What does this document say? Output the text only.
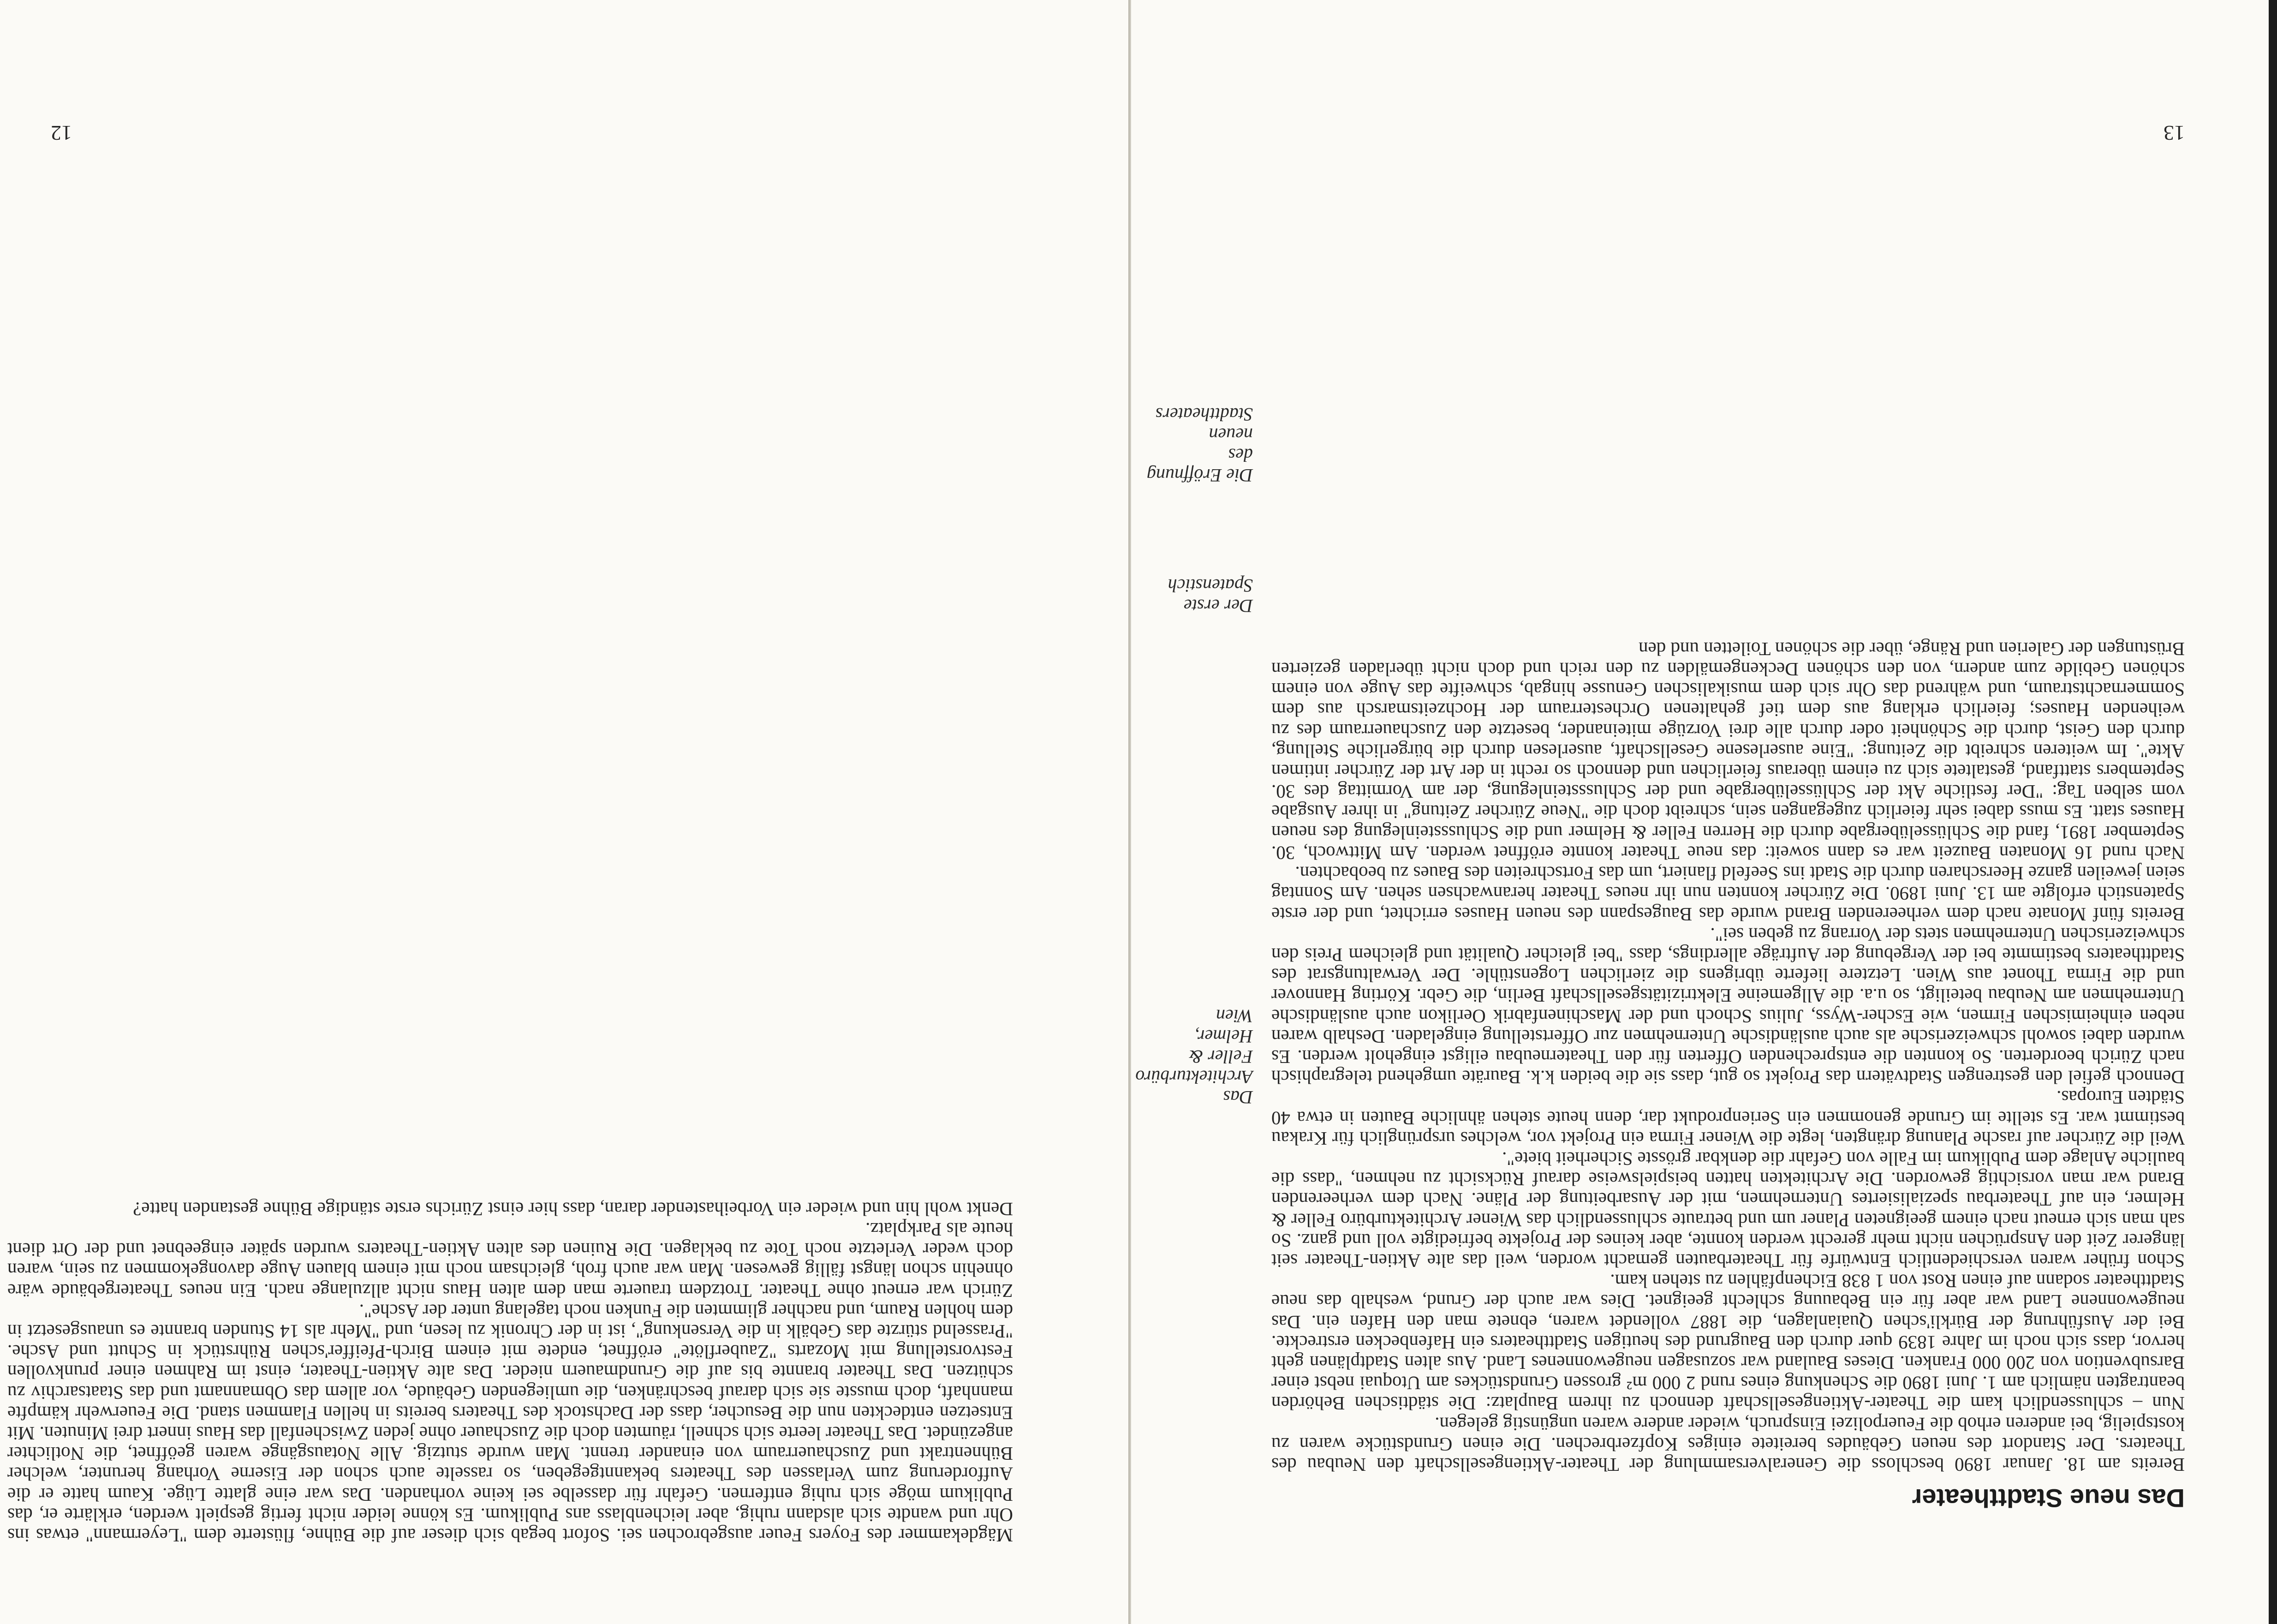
Das neue Stadttheater

Bereits am 18. Januar 1890 beschloss die Generalversammlung der Theater-Aktiengesellschaft den Neubau des Theaters. Der Standort des neuen Gebäudes bereitete einiges Kopfzerbrechen. Die einen Grundstücke waren zu kostspielig, bei anderen erhob die Feuerpolizei Einspruch, wieder andere waren ungünstig gelegen.

Nun – schlussendlich kam die Theater-Aktiengesellschaft dennoch zu ihrem Bauplatz: Die städtischen Behörden beantragten nämlich am 1. Juni 1890 die Schenkung eines rund 2 000 m² grossen Grundstückes am Utoquai nebst einer Barsubvention von 200 000 Franken. Dieses Bauland war sozusagen neugewonnenes Land. Aus alten Stadtplänen geht hervor, dass sich noch im Jahre 1839 quer durch den Baugrund des heutigen Stadttheaters ein Hafenbecken erstreckte. Bei der Ausführung der Bürkli'schen Quaianlagen, die 1887 vollendet waren, ebnete man den Hafen ein. Das neugewonnene Land war aber für ein Bebauung schlecht geeignet. Dies war auch der Grund, weshalb das neue Stadttheater sodann auf einen Rost von 1 838 Eichenpfählen zu stehen kam.

Schon früher waren verschiedentlich Entwürfe für Theaterbauten gemacht worden, weil das alte Aktien-Theater seit längerer Zeit den Ansprüchen nicht mehr gerecht werden konnte, aber keines der Projekte befriedigte voll und ganz. So sah man sich erneut nach einem geeigneten Planer um und betraute schlussendlich das Wiener Architekturbüro Feller & Helmer, ein auf Theaterbau spezialisiertes Unternehmen, mit der Ausarbeitung der Pläne. Nach dem verheerenden Brand war man vorsichtig geworden. Die Architekten hatten beispielsweise darauf Rücksicht zu nehmen, "dass die bauliche Anlage dem Publikum im Falle von Gefahr die denkbar grösste Sicherheit biete".

Weil die Zürcher auf rasche Planung drängten, legte die Wiener Firma ein Projekt vor, welches ursprünglich für Krakau bestimmt war. Es stellte im Grunde genommen ein Serienprodukt dar, denn heute stehen ähnliche Bauten in etwa 40 Städten Europas.

Dennoch gefiel den gestrengen Stadtvätern das Projekt so gut, dass sie die beiden k.k. Bauräte umgehend telegraphisch nach Zürich beorderten. So konnten die entsprechenden Offerten für den Theaterneubau eiligst eingeholt werden. Es wurden dabei sowohl schweizerische als auch ausländische Unternehmen zur Offertstellung eingeladen. Deshalb waren neben einheimischen Firmen, wie Escher-Wyss, Julius Schoch und der Maschinenfabrik Oerlikon auch ausländische Unternehmen am Neubau beteiligt, so u.a. die Allgemeine Elektrizitätsgesellschaft Berlin, die Gebr. Körting Hannover und die Firma Thonet aus Wien. Letztere lieferte übrigens die zierlichen Logenstühle. Der Verwaltungsrat des Stadttheaters bestimmte bei der Vergebung der Aufträge allerdings, dass "bei gleicher Qualität und gleichem Preis den schweizerischen Unternehmen stets der Vorrang zu geben sei".

Bereits fünf Monate nach dem verheerenden Brand wurde das Baugespann des neuen Hauses errichtet, und der erste Spatenstich erfolgte am 13. Juni 1890. Die Zürcher konnten nun ihr neues Theater heranwachsen sehen. Am Sonntag seien jeweilen ganze Heerscharen durch die Stadt ins Seefeld flaniert, um das Fortschreiten des Baues zu beobachten.

Nach rund 16 Monaten Bauzeit war es dann soweit: das neue Theater konnte eröffnet werden. Am Mittwoch, 30. September 1891, fand die Schlüsselübergabe durch die Herren Feller & Helmer und die Schlusssteinlegung des neuen Hauses statt. Es muss dabei sehr feierlich zugegangen sein, schreibt doch die "Neue Zürcher Zeitung" in ihrer Ausgabe vom selben Tag: "Der festliche Akt der Schlüsselübergabe und der Schlusssteinlegung, der am Vormittag des 30. Septembers stattfand, gestaltete sich zu einem überaus feierlichen und dennoch so recht in der Art der Zürcher intimen Akte". Im weiteren schreibt die Zeitung: "Eine auserlesene Gesellschaft, auserlesen durch die bürgerliche Stellung, durch den Geist, durch die Schönheit oder durch alle drei Vorzüge miteinander, besetzte den Zuschauerraum des zu weihenden Hauses; feierlich erklang aus dem tief gehaltenen Orchesterraum der Hochzeitsmarsch aus dem Sommernachtstraum, und während das Ohr sich dem musikalischen Genusse hingab, schweifte das Auge von einem schönen Gebilde zum andern, von den schönen Deckengemälden zu den reich und doch nicht überladen gezierten Brüstungen der Galerien und Ränge, über die schönen Toiletten und den

Das Architekturbüro
Feller & Helmer,
Wien
Der erste Spatenstich
Die Eröffnung des
neuen Stadttheaters
13

Mägdekammer des Foyers Feuer ausgebrochen sei. Sofort begab sich dieser auf die Bühne, flüsterte dem "Leyermann" etwas ins Ohr und wandte sich alsdann ruhig, aber leichenblass ans Publikum. Es könne leider nicht fertig gespielt werden, erklärte er, das Publikum möge sich ruhig entfernen. Gefahr für dasselbe sei keine vorhanden. Das war eine glatte Lüge. Kaum hatte er die Aufforderung zum Verlassen des Theaters bekanntgegeben, so rasselte auch schon der Eiserne Vorhang herunter, welcher Bühnentrakt und Zuschauerraum von einander trennt. Man wurde stutzig. Alle Notausgänge waren geöffnet, die Notlichter angezündet. Das Theater leerte sich schnell, räumten doch die Zuschauer ohne jeden Zwischenfall das Haus innert drei Minuten. Mit Entsetzen entdeckten nun die Besucher, dass der Dachstock des Theaters bereits in hellen Flammen stand. Die Feuerwehr kämpfte mannhaft, doch musste sie sich darauf beschränken, die umliegenden Gebäude, vor allem das Obmannamt und das Staatsarchiv zu schützen. Das Theater brannte bis auf die Grundmauern nieder. Das alte Aktien-Theater, einst im Rahmen einer prunkvollen Festvorstellung mit Mozarts "Zauberflöte" eröffnet, endete mit einem Birch-Pfeiffer'schen Rührstück in Schutt und Asche. "Prasselnd stürzte das Gebälk in die Versenkung", ist in der Chronik zu lesen, und "Mehr als 14 Stunden brannte es unausgesetzt in dem hohlen Raum, und nachher glimmten die Funken noch tagelang unter der Asche".

Zürich war erneut ohne Theater. Trotzdem trauerte man dem alten Haus nicht allzulange nach. Ein neues Theatergebäude wäre ohnehin schon längst fällig gewesen. Man war auch froh, gleichsam noch mit einem blauen Auge davongekommen zu sein, waren doch weder Verletzte noch Tote zu beklagen. Die Ruinen des alten Aktien-Theaters wurden später eingeebnet und der Ort dient heute als Parkplatz.

Denkt wohl hin und wieder ein Vorbeihastender daran, dass hier einst Zürichs erste ständige Bühne gestanden hatte?

12
